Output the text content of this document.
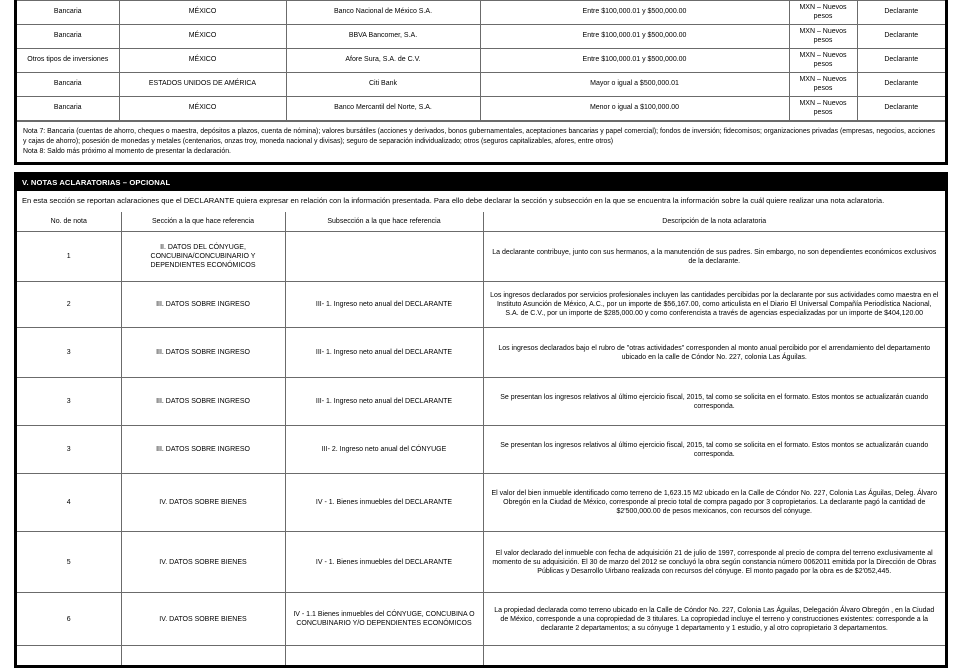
Bancaria	MÉXICO	Banco Nacional de México S.A.	Entre $100,000.01 y $500,000.00	MXN – Nuevos pesos	Declarante
Bancaria	MÉXICO	BBVA Bancomer, S.A.	Entre $100,000.01 y $500,000.00	MXN – Nuevos pesos	Declarante
Otros tipos de inversiones	MÉXICO	Afore Sura, S.A. de C.V.	Entre $100,000.01 y $500,000.00	MXN – Nuevos pesos	Declarante
Bancaria	ESTADOS UNIDOS DE AMÉRICA	Citi Bank	Mayor o igual a $500,000.01	MXN – Nuevos pesos	Declarante
Bancaria	MÉXICO	Banco Mercantil del Norte, S.A.	Menor o igual a $100,000.00	MXN – Nuevos pesos	Declarante
Nota 7: Bancaria (cuentas de ahorro, cheques o maestra, depósitos a plazos, cuenta de nómina); valores bursátiles (acciones y derivados, bonos gubernamentales, aceptaciones bancarias y papel comercial); fondos de inversión; fidecomisos; organizaciones privadas (empresas, negocios, acciones y cajas de ahorro); posesión de monedas y metales (centenarios, onzas troy, moneda nacional y divisas); seguro de separación individualizado; otros (seguros capitalizables, afores, entre otros)
Nota 8: Saldo más próximo al momento de presentar la declaración.
V. NOTAS ACLARATORIAS – OPCIONAL
En esta sección se reportan aclaraciones que el DECLARANTE quiera expresar en relación con la información presentada. Para ello debe declarar la sección y subsección en la que se encuentra la información sobre la cuál quiere realizar una nota aclaratoria.
No. de nota	Sección a la que hace referencia	Subsección a la que hace referencia	Descripción de la nota aclaratoria
1	II. DATOS DEL CÓNYUGE, CONCUBINA/CONCUBINARIO Y DEPENDIENTES ECONÓMICOS		La declarante contribuye, junto con sus hermanos, a la manutención de sus padres. Sin embargo, no son dependientes económicos exclusivos de la declarante.
2	III. DATOS SOBRE INGRESO	III- 1. Ingreso neto anual del DECLARANTE	Los ingresos declarados por servicios profesionales incluyen las cantidades percibidas por la declarante por sus actividades como maestra en el Instituto Asunción de México, A.C., por un importe de $56,167.00, como articulista en el Diario El Universal Compañía Periodística Nacional, S.A. de C.V., por un importe de $285,000.00 y como conferencista a través de agencias especializadas por un importe de $404,120.00
3	III. DATOS SOBRE INGRESO	III- 1. Ingreso neto anual del DECLARANTE	Los ingresos declarados bajo el rubro de "otras actividades" corresponden al monto anual percibido por el arrendamiento del departamento ubicado en la calle de Cóndor No. 227, colonia Las Águilas.
3	III. DATOS SOBRE INGRESO	III- 1. Ingreso neto anual del DECLARANTE	Se presentan los ingresos relativos al último ejercicio fiscal, 2015, tal como se solicita en el formato. Estos montos se actualizarán cuando corresponda.
3	III. DATOS SOBRE INGRESO	III- 2. Ingreso neto anual del CÓNYUGE	Se presentan los ingresos relativos al último ejercicio fiscal, 2015, tal como se solicita en el formato. Estos montos se actualizarán cuando corresponda.
4	IV. DATOS SOBRE BIENES	IV - 1. Bienes inmuebles del DECLARANTE	El valor del bien inmueble identificado como terreno de 1,623.15 M2 ubicado en la Calle de Cóndor No. 227, Colonia Las Águilas, Deleg. Álvaro Obregón en la Ciudad de México, corresponde al precio total de compra pagado por 3 copropietarios. La declarante pagó la cantidad de $2'500,000.00 de pesos mexicanos, con recursos del cónyuge.
5	IV. DATOS SOBRE BIENES	IV - 1. Bienes inmuebles del DECLARANTE	El valor declarado del inmueble con fecha de adquisición 21 de julio de 1997, corresponde al precio de compra del terreno exclusivamente al momento de su adquisición. El 30 de marzo del 2012 se concluyó la obra según constancia número 0062011 emitida por la Dirección de Obras Públicas y Desarrollo Uirbano realizada con recursos del cónyuge. El monto pagado por la obra es de $2'052,445.
6	IV. DATOS SOBRE BIENES	IV - 1.1 Bienes inmuebles del CÓNYUGE, CONCUBINA O CONCUBINARIO Y/O DEPENDIENTES ECONÓMICOS	La propiedad declarada como terreno ubicado en la Calle de Cóndor No. 227, Colonia Las Águilas, Delegación Álvaro Obregón , en la Ciudad de México, corresponde a una copropiedad de 3 titulares. La copropiedad incluye el terreno y construcciones existentes: corresponde a la declarante 2 departamentos; a su cónyuge 1 departamento y 1 estudio, y al otro copropietario 3 departamentos.
